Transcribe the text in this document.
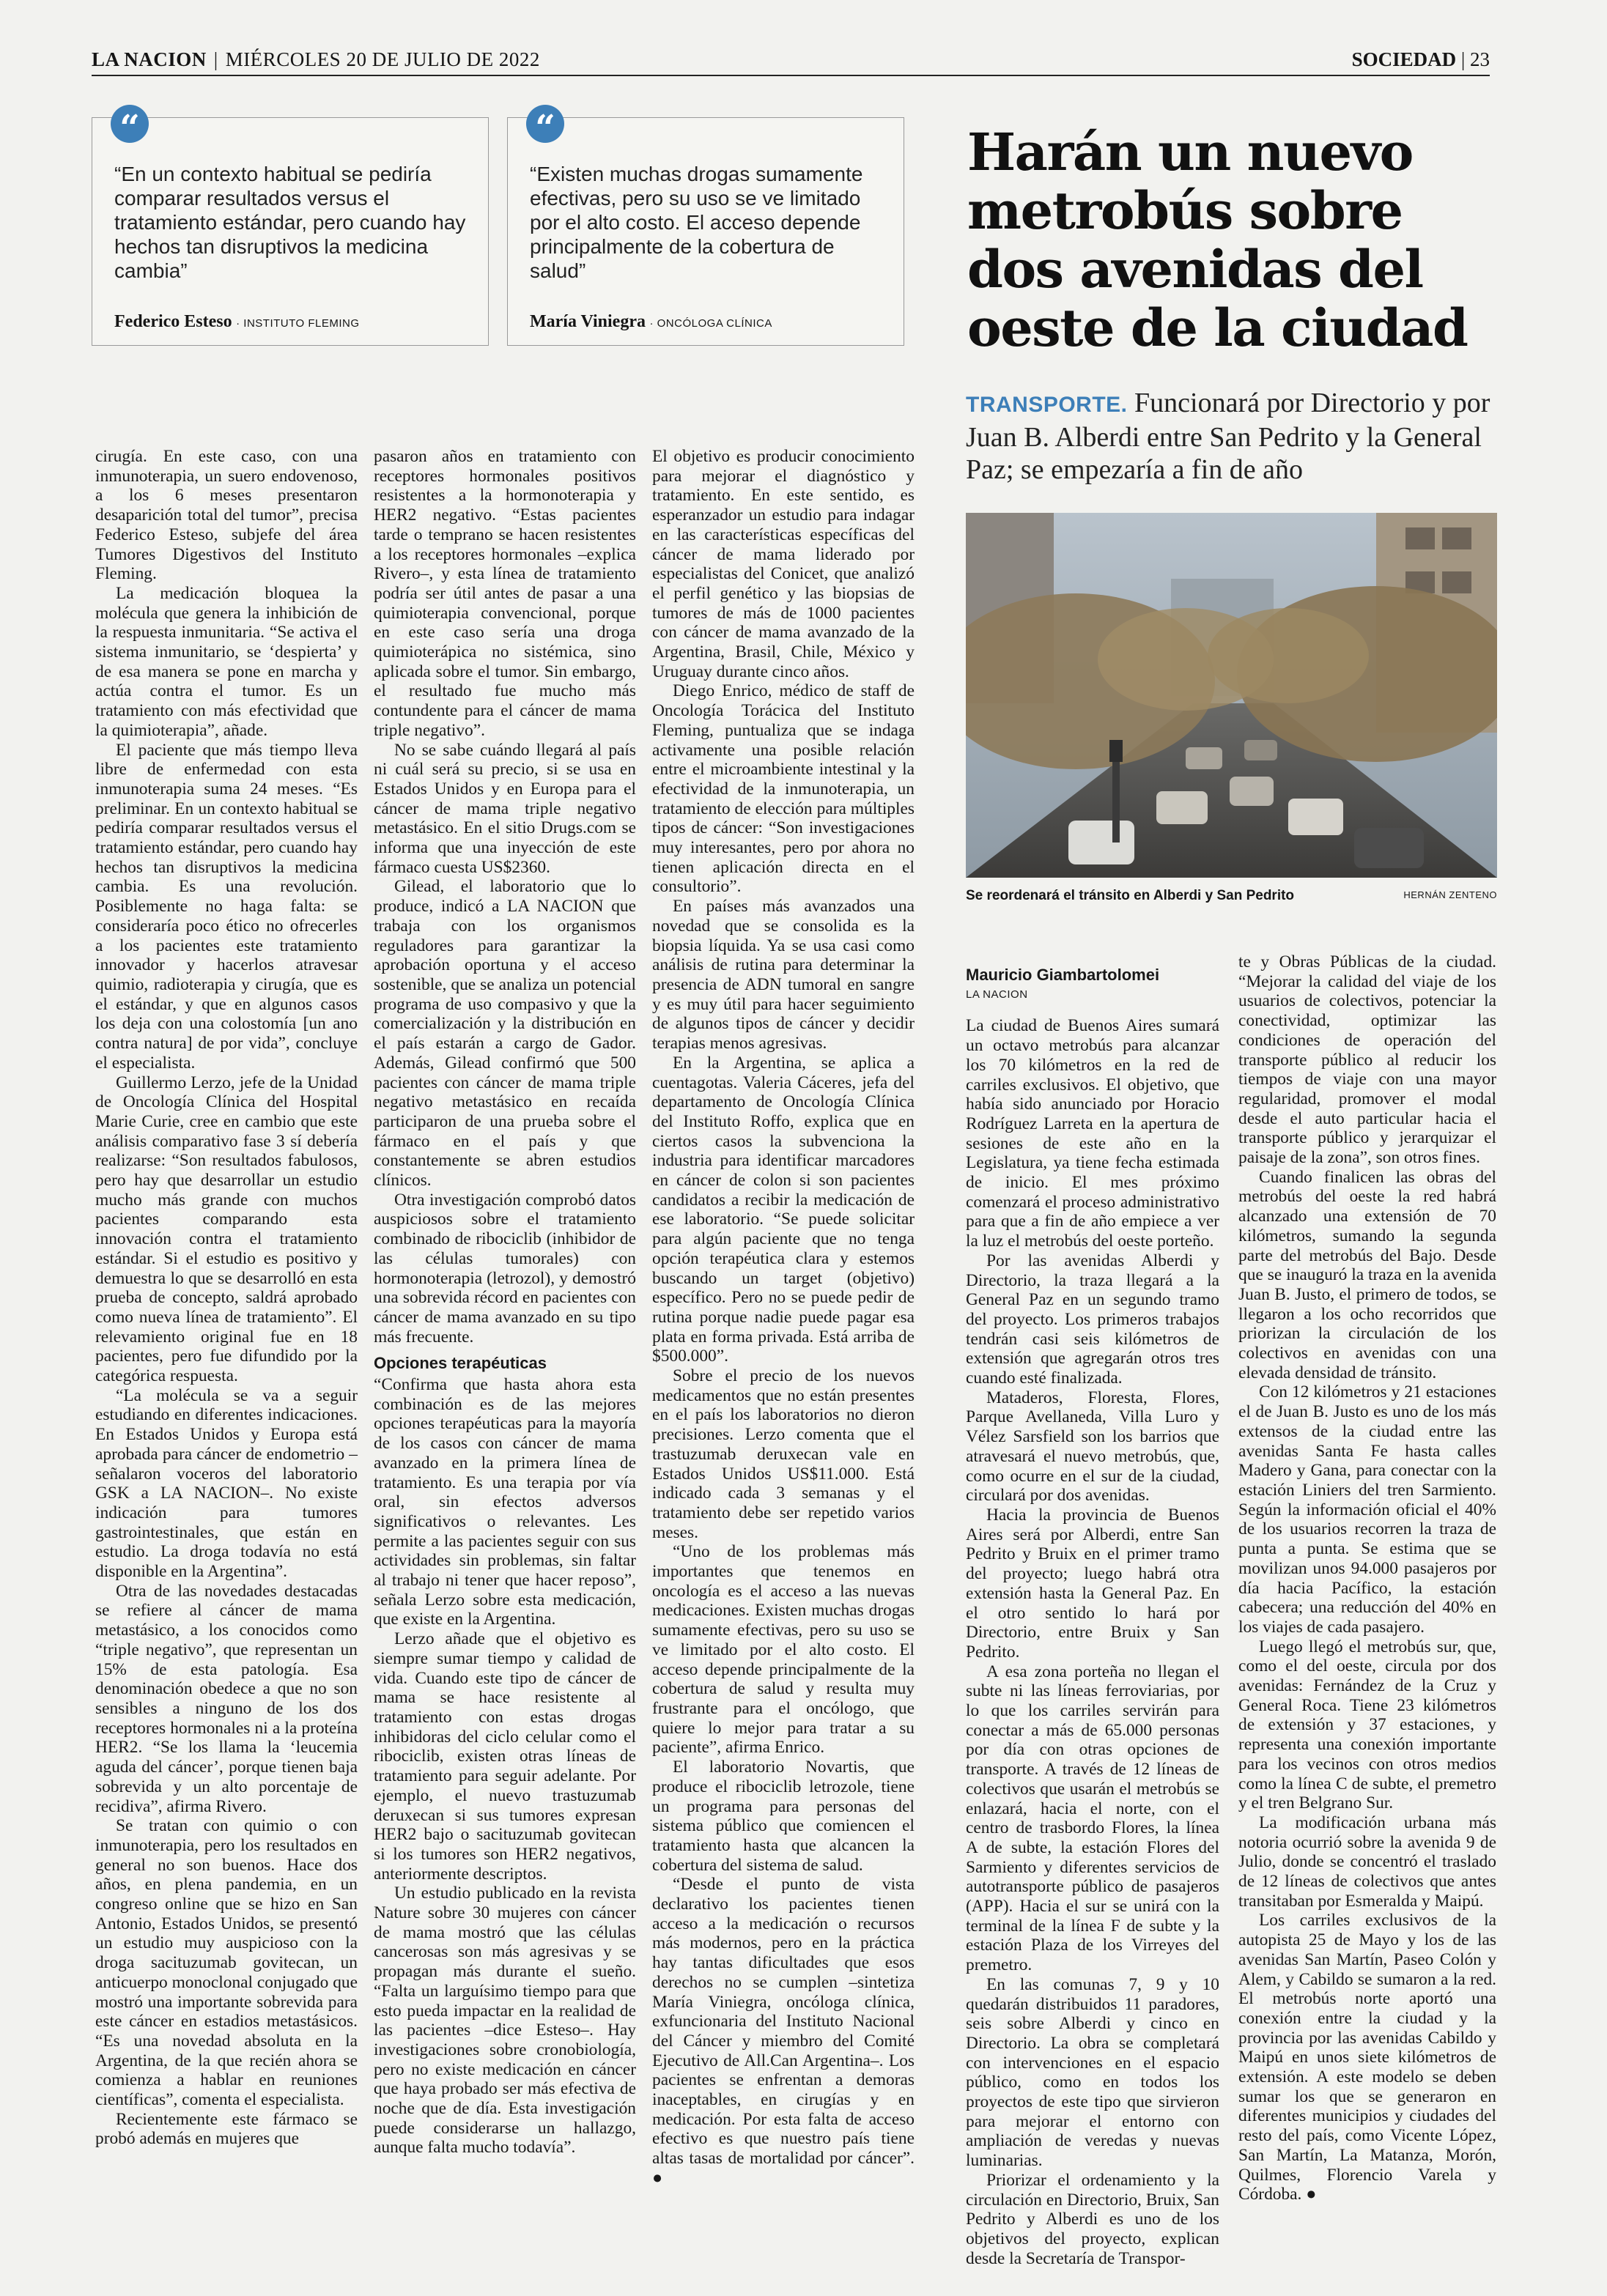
LA NACION | MIÉRCOLES 20 DE JULIO DE 2022	SOCIEDAD | 23
“
“En un contexto habitual se pediría comparar resultados versus el tratamiento estándar, pero cuando hay hechos tan disruptivos la medicina cambia”
Federico Esteso · INSTITUTO FLEMING
“
“Existen muchas drogas sumamente efectivas, pero su uso se ve limitado por el alto costo. El acceso depende principalmente de la cobertura de salud”
María Viniegra · ONCÓLOGA CLÍNICA
Harán un nuevo metrobús sobre dos avenidas del oeste de la ciudad
TRANSPORTE. Funcionará por Directorio y por Juan B. Alberdi entre San Pedrito y la General Paz; se empezaría a fin de año
Se reordenará el tránsito en Alberdi y San Pedrito	HERNÁN ZENTENO

cirugía. En este caso, con una inmunoterapia, un suero endovenoso, a los 6 meses presentaron desaparición total del tumor”, precisa Federico Esteso, subjefe del área Tumores Digestivos del Instituto Fleming.

La medicación bloquea la molécula que genera la inhibición de la respuesta inmunitaria. “Se activa el sistema inmunitario, se ‘despierta’ y de esa manera se pone en marcha y actúa contra el tumor. Es un tratamiento con más efectividad que la quimioterapia”, añade.

El paciente que más tiempo lleva libre de enfermedad con esta inmunoterapia suma 24 meses. “Es preliminar. En un contexto habitual se pediría comparar resultados versus el tratamiento estándar, pero cuando hay hechos tan disruptivos la medicina cambia. Es una revolución. Posiblemente no haga falta: se consideraría poco ético no ofrecerles a los pacientes este tratamiento innovador y hacerlos atravesar quimio, radioterapia y cirugía, que es el estándar, y que en algunos casos los deja con una colostomía [un ano contra natura] de por vida”, concluye el especialista.

Guillermo Lerzo, jefe de la Unidad de Oncología Clínica del Hospital Marie Curie, cree en cambio que este análisis comparativo fase 3 sí debería realizarse: “Son resultados fabulosos, pero hay que desarrollar un estudio mucho más grande con muchos pacientes comparando esta innovación contra el tratamiento estándar. Si el estudio es positivo y demuestra lo que se desarrolló en esta prueba de concepto, saldrá aprobado como nueva línea de tratamiento”. El relevamiento original fue en 18 pacientes, pero fue difundido por la categórica respuesta.

“La molécula se va a seguir estudiando en diferentes indicaciones. En Estados Unidos y Europa está aprobada para cáncer de endometrio –señalaron voceros del laboratorio GSK a LA NACION–. No existe indicación para tumores gastrointestinales, que están en estudio. La droga todavía no está disponible en la Argentina”.

Otra de las novedades destacadas se refiere al cáncer de mama metastásico, a los conocidos como “triple negativo”, que representan un 15% de esta patología. Esa denominación obedece a que no son sensibles a ninguno de los dos receptores hormonales ni a la proteína HER2. “Se los llama la ‘leucemia aguda del cáncer’, porque tienen baja sobrevida y un alto porcentaje de recidiva”, afirma Rivero.

Se tratan con quimio o con inmunoterapia, pero los resultados en general no son buenos. Hace dos años, en plena pandemia, en un congreso online que se hizo en San Antonio, Estados Unidos, se presentó un estudio muy auspicioso con la droga sacituzumab govitecan, un anticuerpo monoclonal conjugado que mostró una importante sobrevida para este cáncer en estadios metastásicos. “Es una novedad absoluta en la Argentina, de la que recién ahora se comienza a hablar en reuniones científicas”, comenta el especialista.

Recientemente este fármaco se probó además en mujeres que

pasaron años en tratamiento con receptores hormonales positivos resistentes a la hormonoterapia y HER2 negativo. “Estas pacientes tarde o temprano se hacen resistentes a los receptores hormonales –explica Rivero–, y esta línea de tratamiento podría ser útil antes de pasar a una quimioterapia convencional, porque en este caso sería una droga quimioterápica no sistémica, sino aplicada sobre el tumor. Sin embargo, el resultado fue mucho más contundente para el cáncer de mama triple negativo”.

No se sabe cuándo llegará al país ni cuál será su precio, si se usa en Estados Unidos y en Europa para el cáncer de mama triple negativo metastásico. En el sitio Drugs.com se informa que una inyección de este fármaco cuesta US$2360.

Gilead, el laboratorio que lo produce, indicó a LA NACION que trabaja con los organismos reguladores para garantizar la aprobación oportuna y el acceso sostenible, que se analiza un potencial programa de uso compasivo y que la comercialización y la distribución en el país estarán a cargo de Gador. Además, Gilead confirmó que 500 pacientes con cáncer de mama triple negativo metastásico en recaída participaron de una prueba sobre el fármaco en el país y que constantemente se abren estudios clínicos.

Otra investigación comprobó datos auspiciosos sobre el tratamiento combinado de ribociclib (inhibidor de las células tumorales) con hormonoterapia (letrozol), y demostró una sobrevida récord en pacientes con cáncer de mama avanzado en su tipo más frecuente.

Opciones terapéuticas

“Confirma que hasta ahora esta combinación es de las mejores opciones terapéuticas para la mayoría de los casos con cáncer de mama avanzado en la primera línea de tratamiento. Es una terapia por vía oral, sin efectos adversos significativos o relevantes. Les permite a las pacientes seguir con sus actividades sin problemas, sin faltar al trabajo ni tener que hacer reposo”, señala Lerzo sobre esta medicación, que existe en la Argentina.

Lerzo añade que el objetivo es siempre sumar tiempo y calidad de vida. Cuando este tipo de cáncer de mama se hace resistente al tratamiento con estas drogas inhibidoras del ciclo celular como el ribociclib, existen otras líneas de tratamiento para seguir adelante. Por ejemplo, el nuevo trastuzumab deruxecan si sus tumores expresan HER2 bajo o sacituzumab govitecan si los tumores son HER2 negativos, anteriormente descriptos.

Un estudio publicado en la revista Nature sobre 30 mujeres con cáncer de mama mostró que las células cancerosas son más agresivas y se propagan más durante el sueño. “Falta un larguísimo tiempo para que esto pueda impactar en la realidad de las pacientes –dice Esteso–. Hay investigaciones sobre cronobiología, pero no existe medicación en cáncer que haya probado ser más efectiva de noche que de día. Esta investigación puede considerarse un hallazgo, aunque falta mucho todavía”.

El objetivo es producir conocimiento para mejorar el diagnóstico y tratamiento. En este sentido, es esperanzador un estudio para indagar en las características específicas del cáncer de mama liderado por especialistas del Conicet, que analizó el perfil genético y las biopsias de tumores de más de 1000 pacientes con cáncer de mama avanzado de la Argentina, Brasil, Chile, México y Uruguay durante cinco años.

Diego Enrico, médico de staff de Oncología Torácica del Instituto Fleming, puntualiza que se indaga activamente una posible relación entre el microambiente intestinal y la efectividad de la inmunoterapia, un tratamiento de elección para múltiples tipos de cáncer: “Son investigaciones muy interesantes, pero por ahora no tienen aplicación directa en el consultorio”.

En países más avanzados una novedad que se consolida es la biopsia líquida. Ya se usa casi como análisis de rutina para determinar la presencia de ADN tumoral en sangre y es muy útil para hacer seguimiento de algunos tipos de cáncer y decidir terapias menos agresivas.

En la Argentina, se aplica a cuentagotas. Valeria Cáceres, jefa del departamento de Oncología Clínica del Instituto Roffo, explica que en ciertos casos la subvenciona la industria para identificar marcadores en cáncer de colon si son pacientes candidatos a recibir la medicación de ese laboratorio. “Se puede solicitar para algún paciente que no tenga opción terapéutica clara y estemos buscando un target (objetivo) específico. Pero no se puede pedir de rutina porque nadie puede pagar esa plata en forma privada. Está arriba de $500.000”.

Sobre el precio de los nuevos medicamentos que no están presentes en el país los laboratorios no dieron precisiones. Lerzo comenta que el trastuzumab deruxecan vale en Estados Unidos US$11.000. Está indicado cada 3 semanas y el tratamiento debe ser repetido varios meses.

“Uno de los problemas más importantes que tenemos en oncología es el acceso a las nuevas medicaciones. Existen muchas drogas sumamente efectivas, pero su uso se ve limitado por el alto costo. El acceso depende principalmente de la cobertura de salud y resulta muy frustrante para el oncólogo, que quiere lo mejor para tratar a su paciente”, afirma Enrico.

El laboratorio Novartis, que produce el ribociclib letrozole, tiene un programa para personas del sistema público que comiencen el tratamiento hasta que alcancen la cobertura del sistema de salud.

“Desde el punto de vista declarativo los pacientes tienen acceso a la medicación o recursos más modernos, pero en la práctica hay tantas dificultades que esos derechos no se cumplen –sintetiza María Viniegra, oncóloga clínica, exfuncionaria del Instituto Nacional del Cáncer y miembro del Comité Ejecutivo de All.Can Argentina–. Los pacientes se enfrentan a demoras inaceptables, en cirugías y en medicación. Por esta falta de acceso efectivo es que nuestro país tiene altas tasas de mortalidad por cáncer”. ●

Mauricio Giambartolomei
LA NACION

La ciudad de Buenos Aires sumará un octavo metrobús para alcanzar los 70 kilómetros en la red de carriles exclusivos. El objetivo, que había sido anunciado por Horacio Rodríguez Larreta en la apertura de sesiones de este año en la Legislatura, ya tiene fecha estimada de inicio. El mes próximo comenzará el proceso administrativo para que a fin de año empiece a ver la luz el metrobús del oeste porteño.

Por las avenidas Alberdi y Directorio, la traza llegará a la General Paz en un segundo tramo del proyecto. Los primeros trabajos tendrán casi seis kilómetros de extensión que agregarán otros tres cuando esté finalizada.

Mataderos, Floresta, Flores, Parque Avellaneda, Villa Luro y Vélez Sarsfield son los barrios que atravesará el nuevo metrobús, que, como ocurre en el sur de la ciudad, circulará por dos avenidas.

Hacia la provincia de Buenos Aires será por Alberdi, entre San Pedrito y Bruix en el primer tramo del proyecto; luego habrá otra extensión hasta la General Paz. En el otro sentido lo hará por Directorio, entre Bruix y San Pedrito.

A esa zona porteña no llegan el subte ni las líneas ferroviarias, por lo que los carriles servirán para conectar a más de 65.000 personas por día con otras opciones de transporte. A través de 12 líneas de colectivos que usarán el metrobús se enlazará, hacia el norte, con el centro de trasbordo Flores, la línea A de subte, la estación Flores del Sarmiento y diferentes servicios de autotransporte público de pasajeros (APP). Hacia el sur se unirá con la terminal de la línea F de subte y la estación Plaza de los Virreyes del premetro.

En las comunas 7, 9 y 10 quedarán distribuidos 11 paradores, seis sobre Alberdi y cinco en Directorio. La obra se completará con intervenciones en el espacio público, como en todos los proyectos de este tipo que sirvieron para mejorar el entorno con ampliación de veredas y nuevas luminarias.

Priorizar el ordenamiento y la circulación en Directorio, Bruix, San Pedrito y Alberdi es uno de los objetivos del proyecto, explican desde la Secretaría de Transpor-

te y Obras Públicas de la ciudad. “Mejorar la calidad del viaje de los usuarios de colectivos, potenciar la conectividad, optimizar las condiciones de operación del transporte público al reducir los tiempos de viaje con una mayor regularidad, promover el modal desde el auto particular hacia el transporte público y jerarquizar el paisaje de la zona”, son otros fines.

Cuando finalicen las obras del metrobús del oeste la red habrá alcanzado una extensión de 70 kilómetros, sumando la segunda parte del metrobús del Bajo. Desde que se inauguró la traza en la avenida Juan B. Justo, el primero de todos, se llegaron a los ocho recorridos que priorizan la circulación de los colectivos en avenidas con una elevada densidad de tránsito.

Con 12 kilómetros y 21 estaciones el de Juan B. Justo es uno de los más extensos de la ciudad entre las avenidas Santa Fe hasta calles Madero y Gana, para conectar con la estación Liniers del tren Sarmiento. Según la información oficial el 40% de los usuarios recorren la traza de punta a punta. Se estima que se movilizan unos 94.000 pasajeros por día hacia Pacífico, la estación cabecera; una reducción del 40% en los viajes de cada pasajero.

Luego llegó el metrobús sur, que, como el del oeste, circula por dos avenidas: Fernández de la Cruz y General Roca. Tiene 23 kilómetros de extensión y 37 estaciones, y representa una conexión importante para los vecinos con otros medios como la línea C de subte, el premetro y el tren Belgrano Sur.

La modificación urbana más notoria ocurrió sobre la avenida 9 de Julio, donde se concentró el traslado de 12 líneas de colectivos que antes transitaban por Esmeralda y Maipú.

Los carriles exclusivos de la autopista 25 de Mayo y los de las avenidas San Martín, Paseo Colón y Alem, y Cabildo se sumaron a la red. El metrobús norte aportó una conexión entre la ciudad y la provincia por las avenidas Cabildo y Maipú en unos siete kilómetros de extensión. A este modelo se deben sumar los que se generaron en diferentes municipios y ciudades del resto del país, como Vicente López, San Martín, La Matanza, Morón, Quilmes, Florencio Varela y Córdoba. ●
